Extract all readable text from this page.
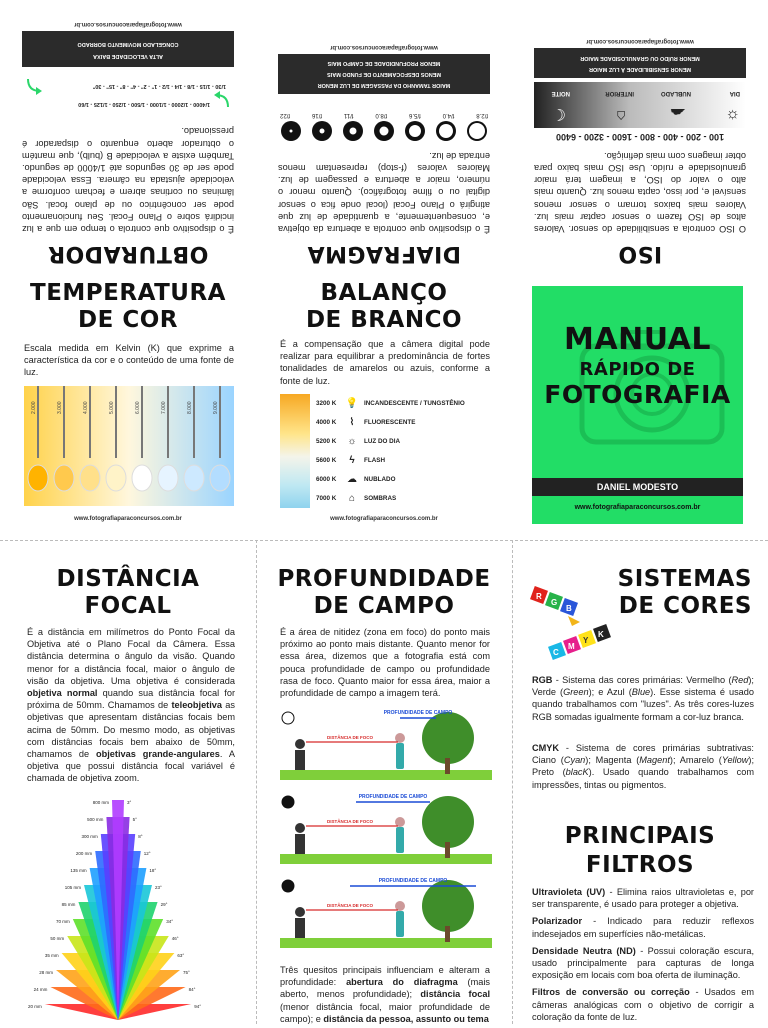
OBTURADOR
É o dispositivo que controla o tempo em que a luz incidirá sobre o Plano Focal. Seu funcionamento pode ser concêntrico ou de plano focal. São lâminas ou cortinas abrem e fecham conforme a velocidade ajustada na câmera. Essa velocidade pode ser de 30 segundos até 1/4000 de segundo. Também existe a velocidade B (bulb), que mantém o obturador aberto enquanto o disparador é pressionado.
1/4000 - 1/2000 - 1/1000 - 1/500 - 1/250 - 1/125 - 1/60
1/30 - 1/15 - 1/8 - 1/4 - 1/2 - 1" - 2" - 4" - 8" - 15" - 30"
ALTA VELOCIDADE BAIXA
CONGELADO MOVIMENTO BORRADO
www.fotografiaparaconcursos.com.br
DIAFRAGMA
É o dispositivo que controla a abertura da objetiva e, consequentemente, a quantidade de luz que atingirá o Plano Focal (local onde fica o sensor digital ou o filme fotográfico). Quanto menor o número, maior a abertura e passagem de luz. Maiores valores (f-stop) representam menos entrada de luz.
f/2.8
f/4.0
f/5.6
f/8.0
f/11
f/16
f/22
MAIOR TAMANHO DA PASSAGEM DE LUZ MENOR
MENOS DESFOCAMENTO DE FUNDO MAIS
MENOR PROFUNDIDADE DE CAMPO MAIS
www.fotografiaparaconcursos.com.br
ISO
O ISO controla a sensibilidade do sensor. Valores altos de ISO fazem o sensor captar mais luz. Valores mais baixos tornam o sensor menos sensível e, por isso, capta menos luz. Quanto mais alto o valor do ISO, a imagem terá maior granulosidade e ruído. Use ISO mais baixo para obter imagens com mais definição.
100 - 200 - 400 - 800 - 1600 - 3200 - 6400
☼
☁
⌂
☾
DIA
NUBLADO
INTERIOR
NOITE
MENOR SENSIBILIDADE À LUZ MAIOR
MENOR RUÍDO OU GRANULOSIDADE MAIOR
www.fotografiaparaconcursos.com.br
TEMPERATURA
DE COR
Escala medida em Kelvin (K) que exprime a característica da cor e o conteúdo de uma fonte de luz.
2.000	3.000	4.000	5.000	6.000	7.000	8.000	9.000
www.fotografiaparaconcursos.com.br
BALANÇO
DE BRANCO
É a compensação que a câmera digital pode realizar para equilibrar a predominância de fortes tonalidades de amarelos ou azuis, conforme a fonte de luz.
3200 K 💡 INCANDESCENTE / TUNGSTÊNIO
4000 K	⌇	FLUORESCENTE
5200 K	☼	LUZ DO DIA
5600 K	ϟ	FLASH
6000 K	☁	NUBLADO
7000 K	⌂	SOMBRAS
www.fotografiaparaconcursos.com.br
MANUAL
RÁPIDO DE
FOTOGRAFIA
DANIEL MODESTO
www.fotografiaparaconcursos.com.br
DISTÂNCIA
FOCAL
É a distância em milímetros do Ponto Focal da Objetiva até o Plano Focal da Câmera. Essa distância determina o ângulo da visão. Quando menor for a distância focal, maior o ângulo de visão da objetiva. Uma objetiva é considerada objetiva normal quando sua distância focal for próxima de 50mm. Chamamos de teleobjetiva as objetivas que apresentam distâncias focais bem acima de 50mm. Do mesmo modo, as objetivas com distâncias focais bem abaixo de 50mm, chamamos de objetivas grande-angulares. A objetiva que possui distância focal variável é chamada de objetiva zoom.
800 mm	3°
500 mm	5°
300 mm	8°
200 mm	12°
135 mm	18°
105 mm	23°
85 mm	29°
70 mm	34°
50 mm	46°
35 mm	63°
28 mm	75°
24 mm	84°
20 mm	94°
PROFUNDIDADE
DE CAMPO
É a área de nitidez (zona em foco) do ponto mais próximo ao ponto mais distante. Quanto menor for essa área, dizemos que a fotografia está com pouca profundidade de campo ou profundidade rasa de foco. Quanto maior for essa área, maior a profundidade de campo a imagem terá.
PROFUNDIDADE DE CAMPO
DISTÂNCIA DE FOCO
PROFUNDIDADE DE CAMPO
DISTÂNCIA DE FOCO
PROFUNDIDADE DE CAMPO
DISTÂNCIA DE FOCO
Três quesitos principais influenciam e alteram a profundidade: abertura do diafragma (mais aberto, menos profundidade); distância focal (menor distância focal, maior profundidade de campo); e distância da pessoa, assunto ou tema
R
G
B
C
M
Y
K
SISTEMAS
DE CORES
RGB - Sistema das cores primárias: Vermelho (Red); Verde (Green); e Azul (Blue). Esse sistema é usado quando trabalhamos com "luzes". As três cores-luzes RGB somadas igualmente formam a cor-luz branca.
CMYK - Sistema de cores primárias subtrativas: Ciano (Cyan); Magenta (Magent); Amarelo (Yellow); Preto (blacK). Usado quando trabalhamos com impressões, tintas ou pigmentos.
PRINCIPAIS
FILTROS
Ultravioleta (UV) - Elimina raios ultravioletas e, por ser transparente, é usado para proteger a objetiva.
Polarizador - Indicado para reduzir reflexos indesejados em superfícies não-metálicas.
Densidade Neutra (ND) - Possui coloração escura, usado principalmente para capturas de longa exposição em locais com boa oferta de iluminação.
Filtros de conversão ou correção - Usados em câmeras analógicas com o objetivo de corrigir a coloração da fonte de luz.
